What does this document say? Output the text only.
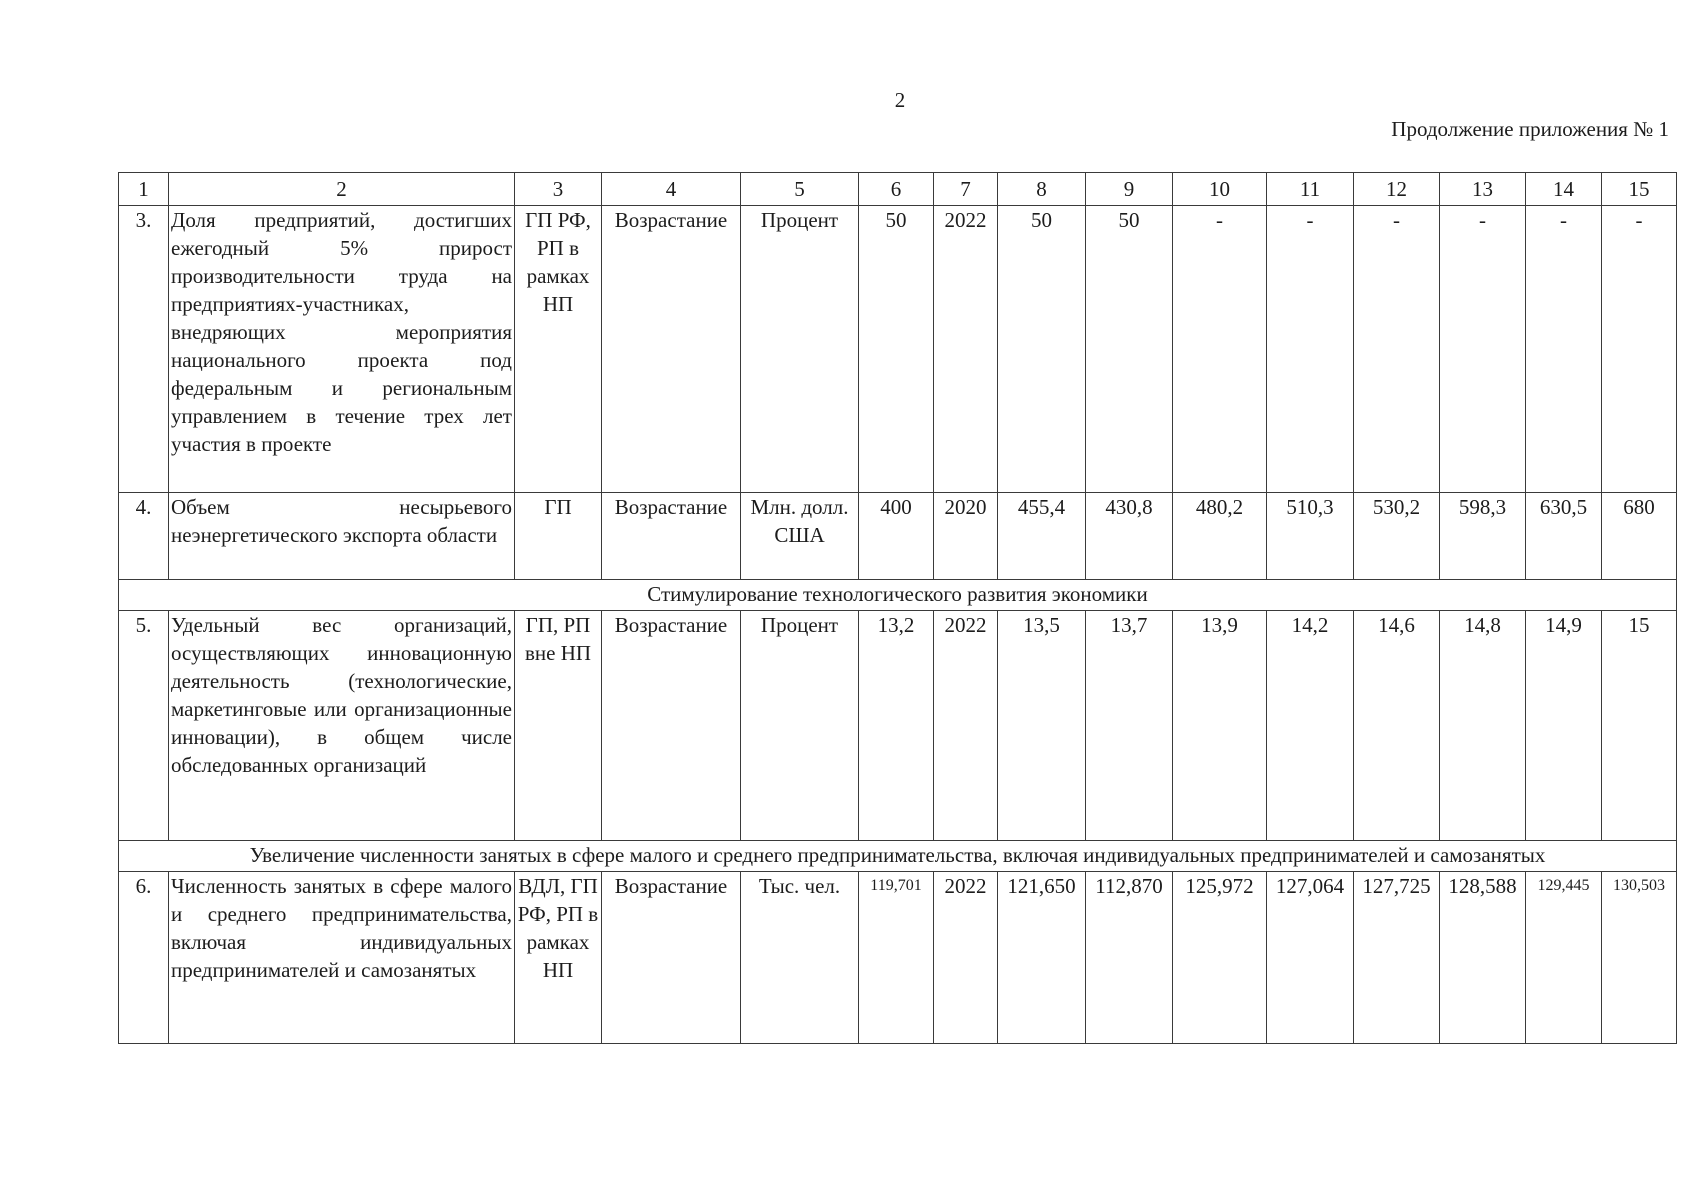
2
Продолжение приложения № 1
1	2	3	4	5	6	7	8	9	10	11	12	13	14	15
3.	Доля предприятий, достигших ежегодный 5% прирост производительности труда на предприятиях-участниках, внедряющих мероприятия национального проекта под федеральным и региональным управлением в течение трех лет участия в проекте	ГП РФ, РП в рамках НП	Возрастание	Процент	50	2022	50	50	-	-	-	-	-	-
4.	Объем несырьевого неэнергетического экспорта области	ГП	Возрастание	Млн. долл. США	400	2020	455,4	430,8	480,2	510,3	530,2	598,3	630,5	680
Стимулирование технологического развития экономики														
5.	Удельный вес организаций, осуществляющих инновационную деятельность (технологические, маркетинговые или организационные инновации), в общем числе обследованных организаций	ГП, РП вне НП	Возрастание	Процент	13,2	2022	13,5	13,7	13,9	14,2	14,6	14,8	14,9	15
Увеличение численности занятых в сфере малого и среднего предпринимательства, включая индивидуальных предпринимателей и самозанятых														
6.	Численность занятых в сфере малого и среднего предпринимательства, включая индивидуальных предпринимателей и самозанятых	ВДЛ, ГП РФ, РП в рамках НП	Возрастание	Тыс. чел.	119,701	2022	121,650	112,870	125,972	127,064	127,725	128,588	129,445	130,503
